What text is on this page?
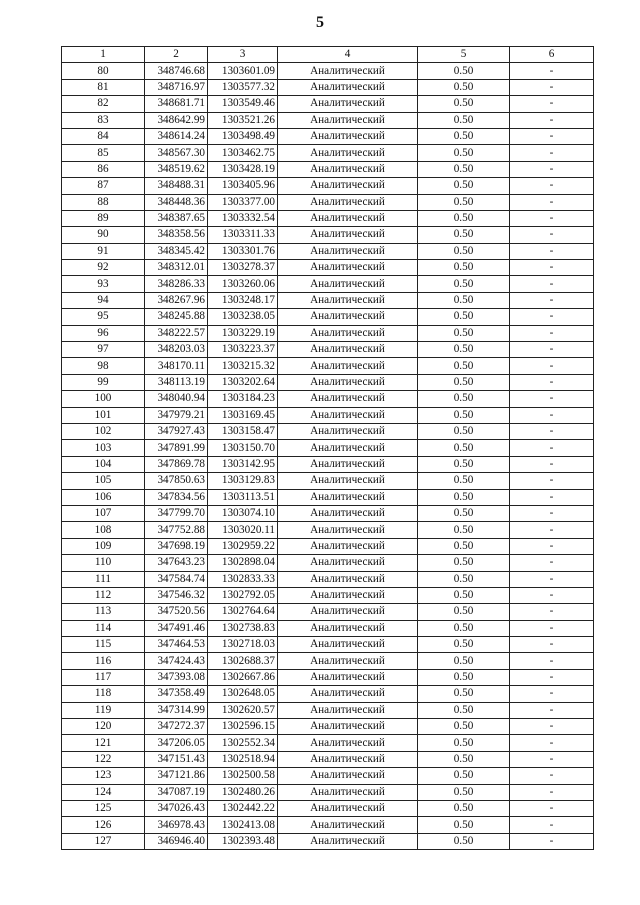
5
1	2	3	4	5	6
80	348746.68	1303601.09	Аналитический	0.50	-
81	348716.97	1303577.32	Аналитический	0.50	-
82	348681.71	1303549.46	Аналитический	0.50	-
83	348642.99	1303521.26	Аналитический	0.50	-
84	348614.24	1303498.49	Аналитический	0.50	-
85	348567.30	1303462.75	Аналитический	0.50	-
86	348519.62	1303428.19	Аналитический	0.50	-
87	348488.31	1303405.96	Аналитический	0.50	-
88	348448.36	1303377.00	Аналитический	0.50	-
89	348387.65	1303332.54	Аналитический	0.50	-
90	348358.56	1303311.33	Аналитический	0.50	-
91	348345.42	1303301.76	Аналитический	0.50	-
92	348312.01	1303278.37	Аналитический	0.50	-
93	348286.33	1303260.06	Аналитический	0.50	-
94	348267.96	1303248.17	Аналитический	0.50	-
95	348245.88	1303238.05	Аналитический	0.50	-
96	348222.57	1303229.19	Аналитический	0.50	-
97	348203.03	1303223.37	Аналитический	0.50	-
98	348170.11	1303215.32	Аналитический	0.50	-
99	348113.19	1303202.64	Аналитический	0.50	-
100	348040.94	1303184.23	Аналитический	0.50	-
101	347979.21	1303169.45	Аналитический	0.50	-
102	347927.43	1303158.47	Аналитический	0.50	-
103	347891.99	1303150.70	Аналитический	0.50	-
104	347869.78	1303142.95	Аналитический	0.50	-
105	347850.63	1303129.83	Аналитический	0.50	-
106	347834.56	1303113.51	Аналитический	0.50	-
107	347799.70	1303074.10	Аналитический	0.50	-
108	347752.88	1303020.11	Аналитический	0.50	-
109	347698.19	1302959.22	Аналитический	0.50	-
110	347643.23	1302898.04	Аналитический	0.50	-
111	347584.74	1302833.33	Аналитический	0.50	-
112	347546.32	1302792.05	Аналитический	0.50	-
113	347520.56	1302764.64	Аналитический	0.50	-
114	347491.46	1302738.83	Аналитический	0.50	-
115	347464.53	1302718.03	Аналитический	0.50	-
116	347424.43	1302688.37	Аналитический	0.50	-
117	347393.08	1302667.86	Аналитический	0.50	-
118	347358.49	1302648.05	Аналитический	0.50	-
119	347314.99	1302620.57	Аналитический	0.50	-
120	347272.37	1302596.15	Аналитический	0.50	-
121	347206.05	1302552.34	Аналитический	0.50	-
122	347151.43	1302518.94	Аналитический	0.50	-
123	347121.86	1302500.58	Аналитический	0.50	-
124	347087.19	1302480.26	Аналитический	0.50	-
125	347026.43	1302442.22	Аналитический	0.50	-
126	346978.43	1302413.08	Аналитический	0.50	-
127	346946.40	1302393.48	Аналитический	0.50	-
